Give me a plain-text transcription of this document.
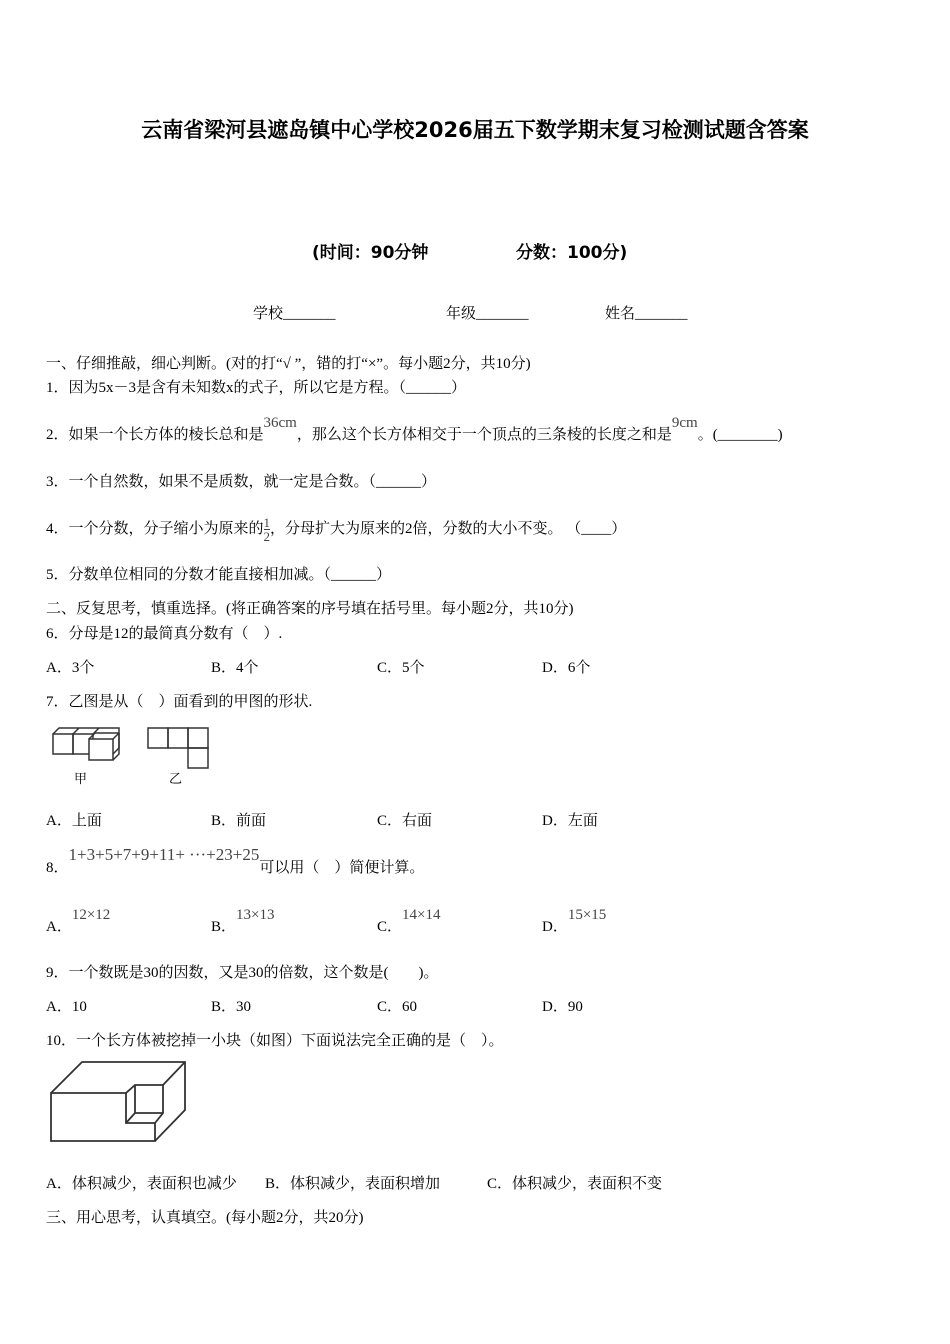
云南省梁河县遮岛镇中心学校2026届五下数学期末复习检测试题含答案
(时间：90分钟	分数：100分)
学校_______	年级_______	姓名_______
一、仔细推敲，细心判断。(对的打“√ ”，错的打“×”。每小题2分，共10分)
1．因为5x－3是含有未知数x的式子，所以它是方程。（______）
2．如果一个长方体的棱长总和是36cm，那么这个长方体相交于一个顶点的三条棱的长度之和是9cm。(________)
3．一个自然数，如果不是质数，就一定是合数。（______）
4．一个分数，分子缩小为原来的 $\frac{1}{2}$ ，分母扩大为原来的2倍，分数的大小不变。 （____）
5．分数单位相同的分数才能直接相加减。（______）
二、反复思考，慎重选择。(将正确答案的序号填在括号里。每小题2分，共10分)
6．分母是12的最简真分数有（　）.
A．3个	B．4个	C．5个	D．6个
7．乙图是从（　）面看到的甲图的形状.
甲	乙
A．上面	B．前面	C．右面	D．左面
8．1+3+5+7+9+11+ ···+23+25可以用（　）简便计算。
A．12×12
B．13×13
C．14×14
D．15×15
9．一个数既是30的因数，又是30的倍数，这个数是(　　)。
A．10	B．30	C．60	D．90
10．一个长方体被挖掉一小块（如图）下面说法完全正确的是（　）。
A．体积减少，表面积也减少 B．体积减少，表面积增加	C．体积减少，表面积不变
三、用心思考，认真填空。(每小题2分，共20分)
